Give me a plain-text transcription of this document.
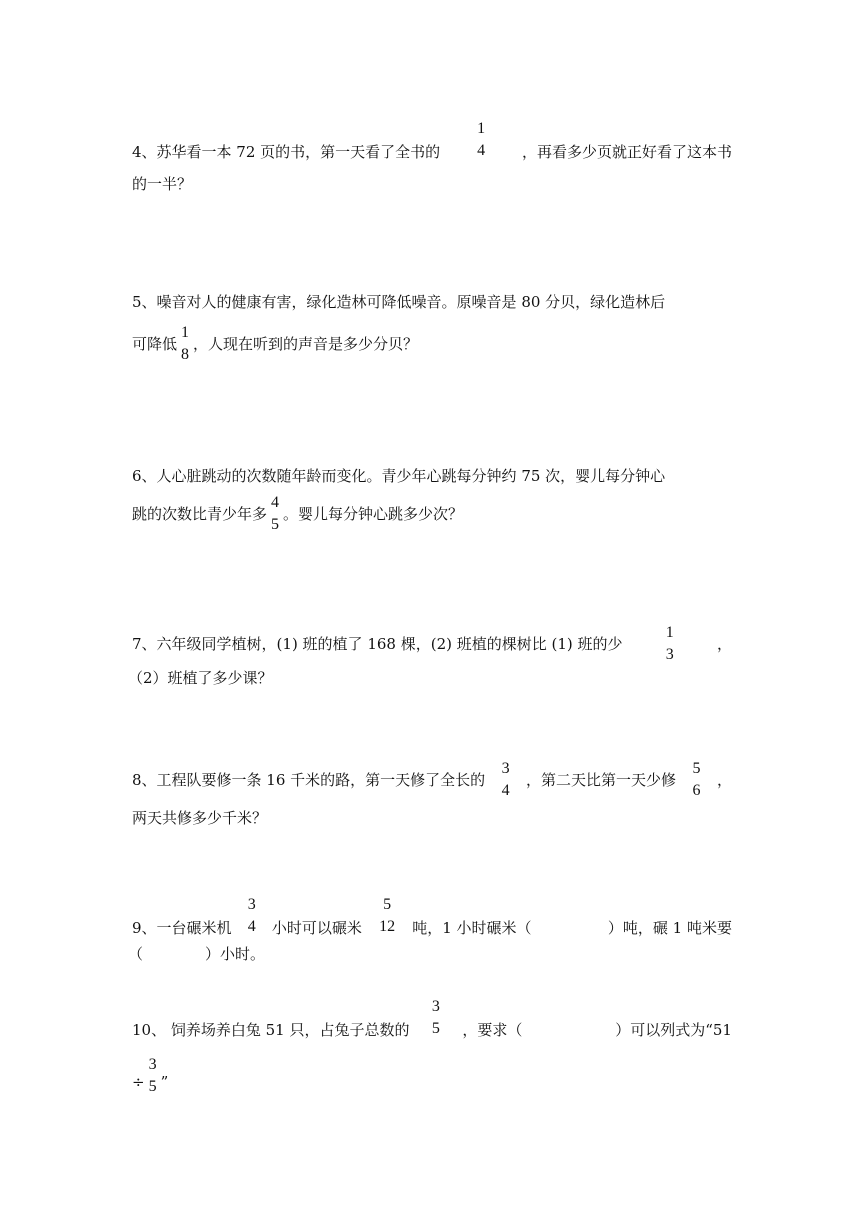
4、苏华看一本 72 页的书，第一天看了全书的
1
4 ，再看多少页就正好看了这本书
的一半？
5、噪音对人的健康有害，绿化造林可降低噪音。原噪音是 80 分贝，绿化造林后
可降低
1
8
，人现在听到的声音是多少分贝？
6、人心脏跳动的次数随年龄而变化。青少年心跳每分钟约 75 次，婴儿每分钟心
跳的次数比青少年多
4
5
。婴儿每分钟心跳多少次？
7、六年级同学植树，(1) 班的植了 168 棵，(2) 班植的棵树比 (1) 班的少
1
3
，
（2）班植了多少课？
8、工程队要修一条 16 千米的路，第一天修了全长的
3
4
，第二天比第一天少修
5
6
，
两天共修多少千米？
9、一台碾米机
3
4 小时可以碾米
5
12 吨，1 小时碾米（	）吨，碾 1 吨米要
（	）小时。
10、 饲养场养白兔 51 只，占兔子总数的
3
5 ，要求（	）可以列式为“51
÷
3
5 ”
